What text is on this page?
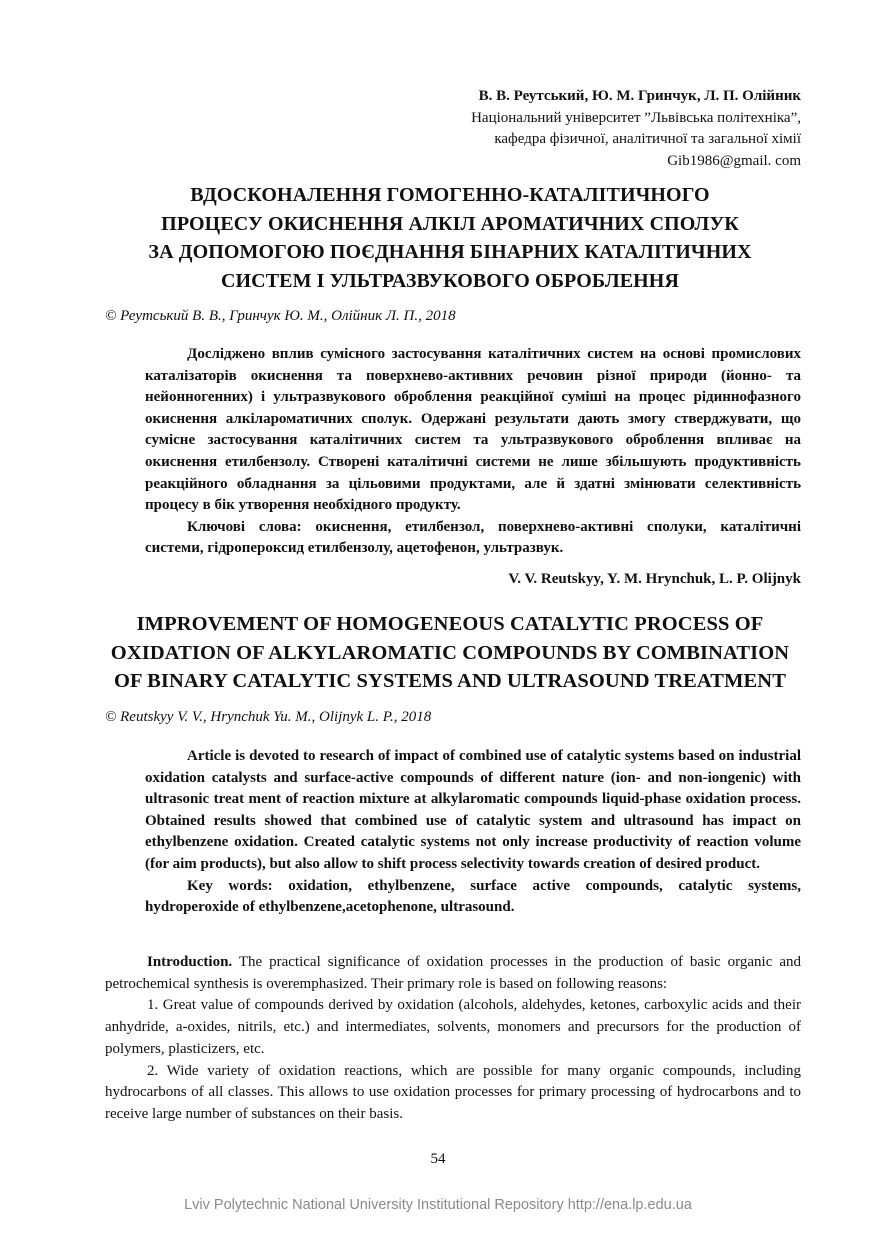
В. В. Реутський, Ю. М. Гринчук, Л. П. Олійник
Національний університет ”Львівська політехніка”,
кафедра фізичної, аналітичної та загальної хімії
Gib1986@gmail. com
ВДОСКОНАЛЕННЯ ГОМОГЕННО-КАТАЛІТИЧНОГО
ПРОЦЕСУ ОКИСНЕННЯ АЛКІЛ АРОМАТИЧНИХ СПОЛУК
ЗА ДОПОМОГОЮ ПОЄДНАННЯ БІНАРНИХ КАТАЛІТИЧНИХ
СИСТЕМ І УЛЬТРАЗВУКОВОГО ОБРОБЛЕННЯ
© Реутський В. В., Гринчук Ю. М., Олійник Л. П., 2018

Досліджено вплив сумісного застосування каталітичних систем на основі промислових каталізаторів окиснення та поверхнево-активних речовин різної природи (йонно- та нейонногенних) і ультразвукового оброблення реакційної суміші на процес рідиннофазного окиснення алкілароматичних сполук. Одержані результати дають змогу стверджувати, що сумісне застосування каталітичних систем та ультразвукового оброблення впливає на окиснення етилбензолу. Створені каталітичні системи не лише збільшують продуктивність реакційного обладнання за цільовими продуктами, але й здатні змінювати селективність процесу в бік утворення необхідного продукту.

Ключові слова: окиснення, етилбензол, поверхнево-активні сполуки, каталітичні системи, гідропероксид етилбензолу, ацетофенон, ультразвук.

V. V. Reutskyy, Y. M. Hrynchuk, L. P. Olijnyk
IMPROVEMENT OF HOMOGENEOUS CATALYTIC PROCESS OF
OXIDATION OF ALKYLAROMATIC COMPOUNDS BY COMBINATION
OF BINARY CATALYTIC SYSTEMS AND ULTRASOUND TREATMENT
© Reutskyy V. V., Hrynchuk Yu. M., Olijnyk L. P., 2018

Article is devoted to research of impact of combined use of catalytic systems based on industrial oxidation catalysts and surface-active compounds of different nature (ion- and non-iongenic) with ultrasonic treat ment of reaction mixture at alkylaromatic compounds liquid-phase oxidation process. Obtained results showed that combined use of catalytic system and ultrasound has impact on ethylbenzene oxidation. Created catalytic systems not only increase productivity of reaction volume (for aim products), but also allow to shift process selectivity towards creation of desired product.

Key words: oxidation, ethylbenzene, surface active compounds, catalytic systems, hydroperoxide of ethylbenzene,acetophenone, ultrasound.

Introduction. The practical significance of oxidation processes in the production of basic organic and petrochemical synthesis is overemphasized. Their primary role is based on following reasons:

1. Great value of compounds derived by oxidation (alcohols, aldehydes, ketones, carboxylic acids and their anhydride, a-oxides, nitrils, etc.) and intermediates, solvents, monomers and precursors for the production of polymers, plasticizers, etc.

2. Wide variety of oxidation reactions, which are possible for many organic compounds, including hydrocarbons of all classes. This allows to use oxidation processes for primary processing of hydrocarbons and to receive large number of substances on their basis.

54
Lviv Polytechnic National University Institutional Repository http://ena.lp.edu.ua
